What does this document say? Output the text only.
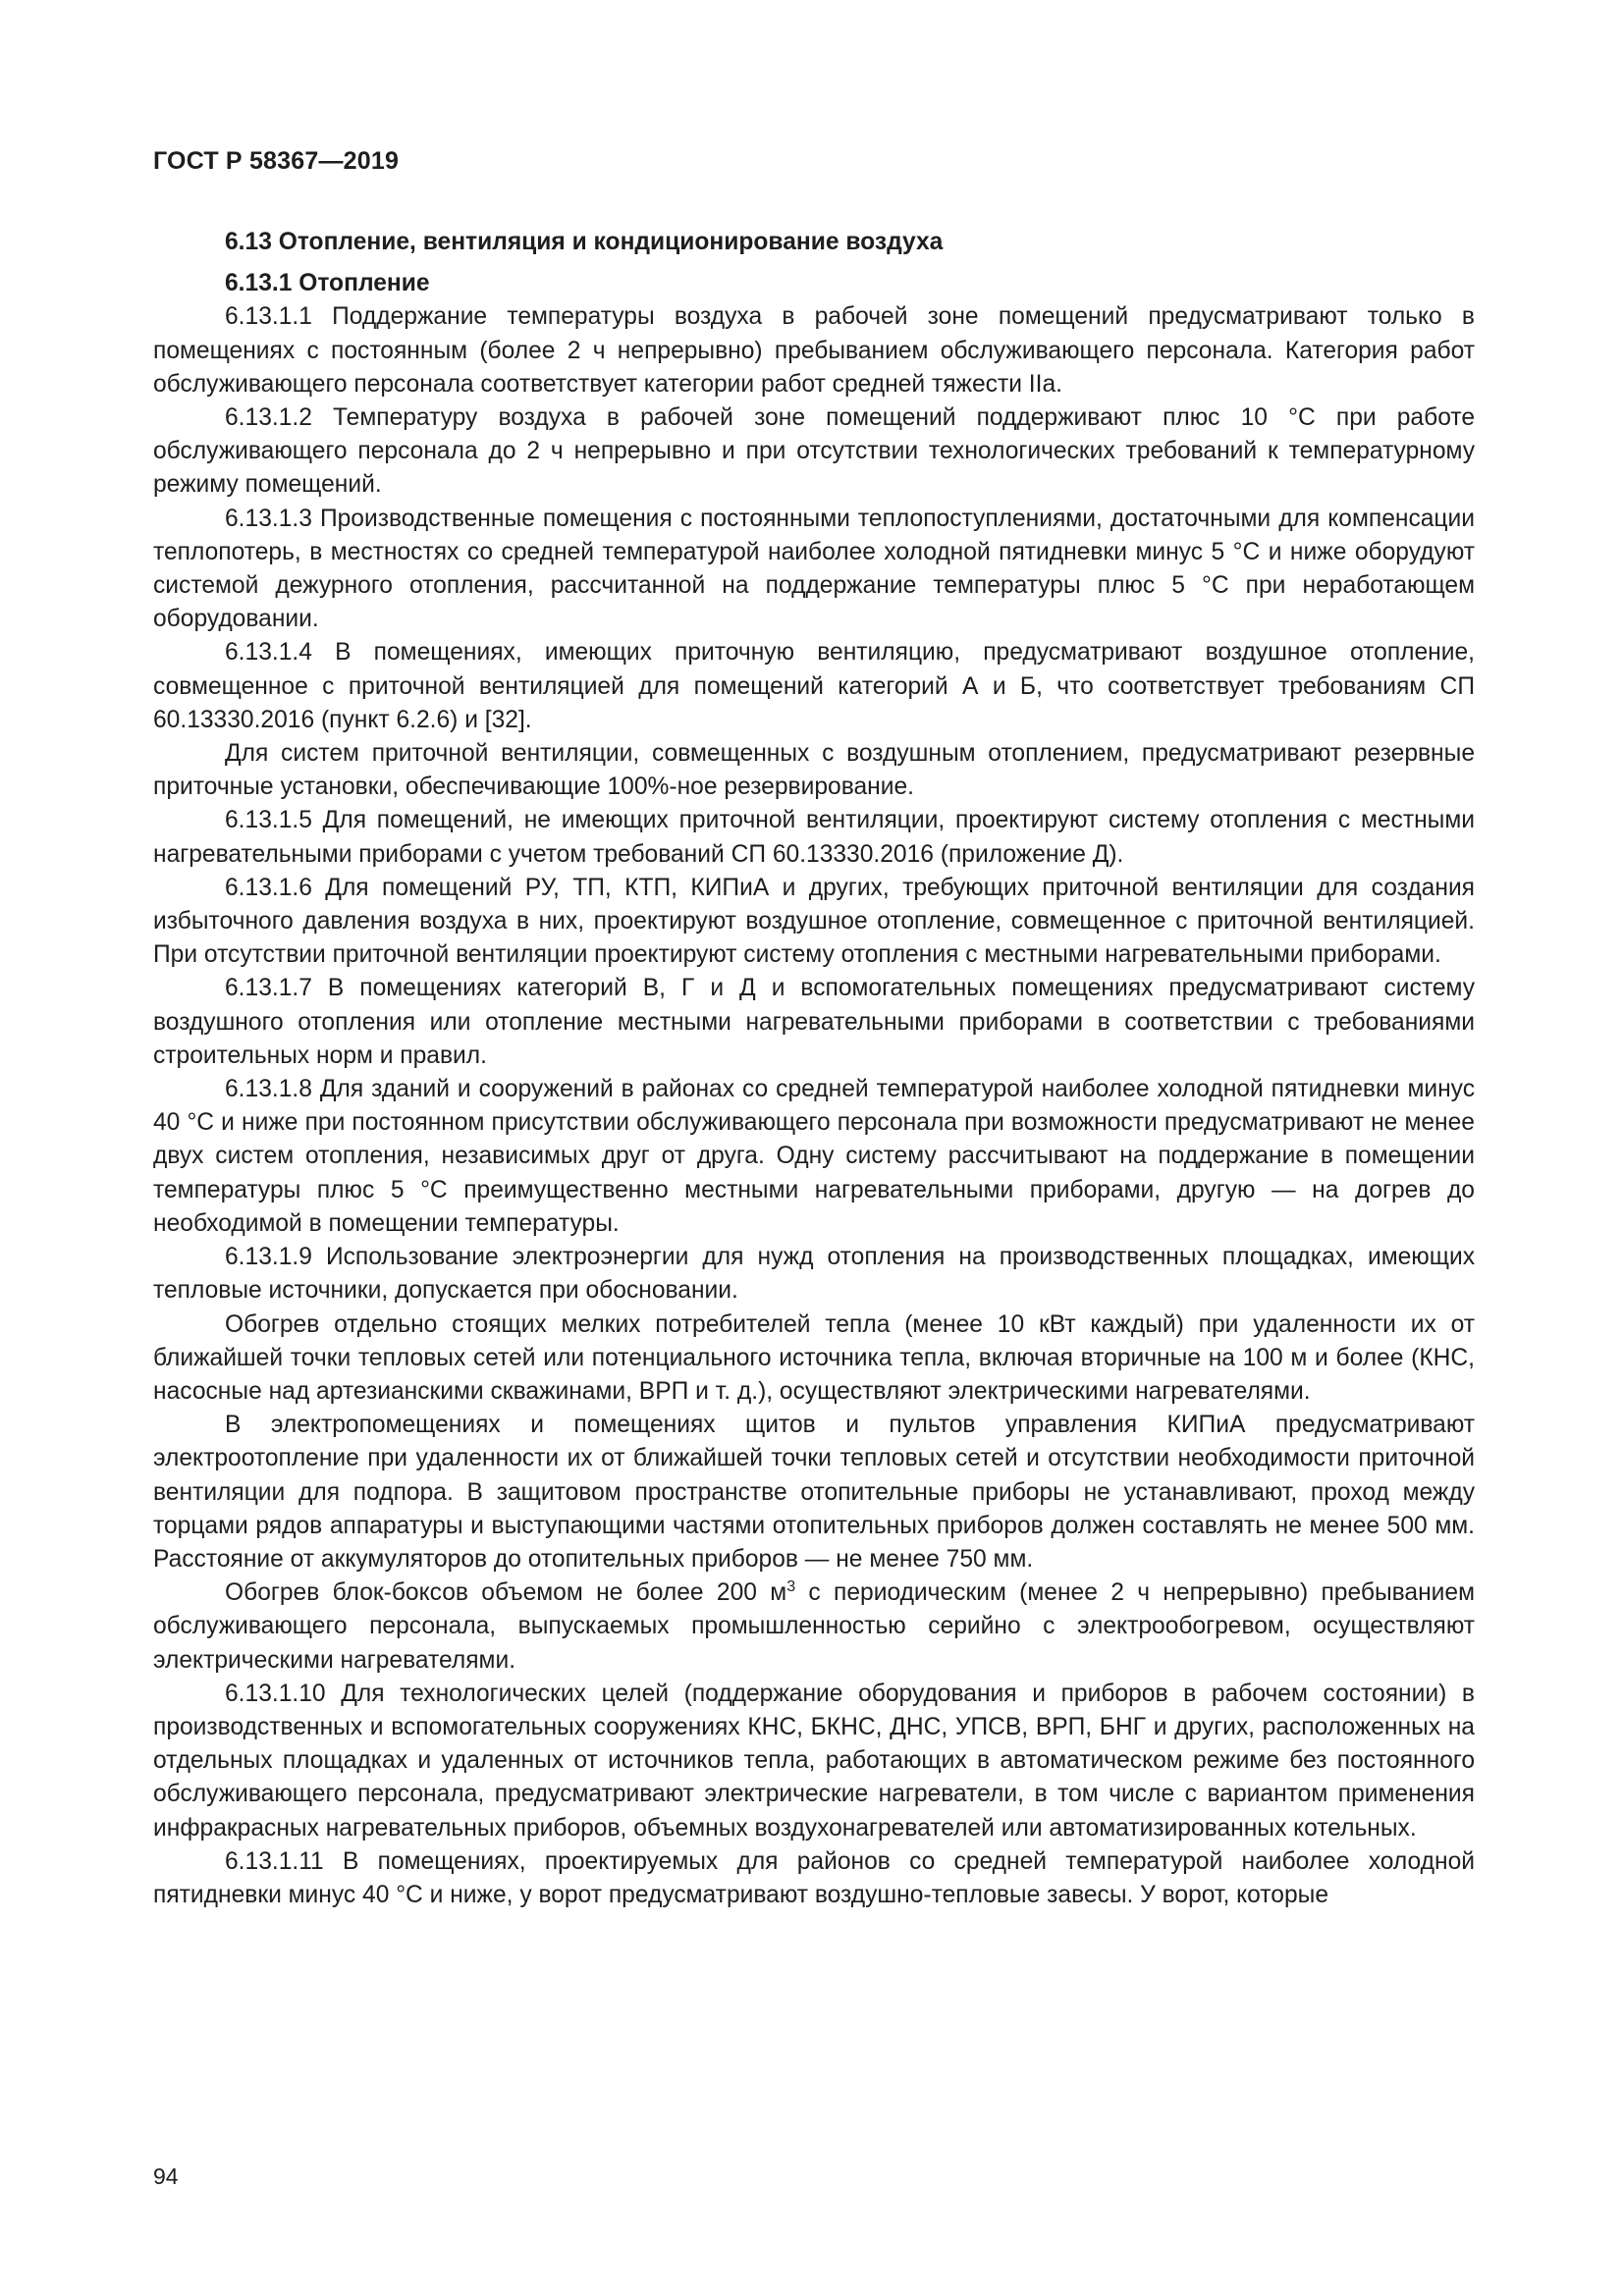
ГОСТ Р 58367—2019

6.13 Отопление, вентиляция и кондиционирование воздуха

6.13.1 Отопление

6.13.1.1 Поддержание температуры воздуха в рабочей зоне помещений предусматривают только в помещениях с постоянным (более 2 ч непрерывно) пребыванием обслуживающего персонала. Категория работ обслуживающего персонала соответствует категории работ средней тяжести IIa.

6.13.1.2 Температуру воздуха в рабочей зоне помещений поддерживают плюс 10 °С при работе обслуживающего персонала до 2 ч непрерывно и при отсутствии технологических требований к температурному режиму помещений.

6.13.1.3 Производственные помещения с постоянными теплопоступлениями, достаточными для компенсации теплопотерь, в местностях со средней температурой наиболее холодной пятидневки минус 5 °С и ниже оборудуют системой дежурного отопления, рассчитанной на поддержание температуры плюс 5 °С при неработающем оборудовании.

6.13.1.4 В помещениях, имеющих приточную вентиляцию, предусматривают воздушное отопление, совмещенное с приточной вентиляцией для помещений категорий А и Б, что соответствует требованиям СП 60.13330.2016 (пункт 6.2.6) и [32].

Для систем приточной вентиляции, совмещенных с воздушным отоплением, предусматривают резервные приточные установки, обеспечивающие 100%-ное резервирование.

6.13.1.5 Для помещений, не имеющих приточной вентиляции, проектируют систему отопления с местными нагревательными приборами с учетом требований СП 60.13330.2016 (приложение Д).

6.13.1.6 Для помещений РУ, ТП, КТП, КИПиА и других, требующих приточной вентиляции для создания избыточного давления воздуха в них, проектируют воздушное отопление, совмещенное с приточной вентиляцией. При отсутствии приточной вентиляции проектируют систему отопления с местными нагревательными приборами.

6.13.1.7 В помещениях категорий В, Г и Д и вспомогательных помещениях предусматривают систему воздушного отопления или отопление местными нагревательными приборами в соответствии с требованиями строительных норм и правил.

6.13.1.8 Для зданий и сооружений в районах со средней температурой наиболее холодной пятидневки минус 40 °С и ниже при постоянном присутствии обслуживающего персонала при возможности предусматривают не менее двух систем отопления, независимых друг от друга. Одну систему рассчитывают на поддержание в помещении температуры плюс 5 °С преимущественно местными нагревательными приборами, другую — на догрев до необходимой в помещении температуры.

6.13.1.9 Использование электроэнергии для нужд отопления на производственных площадках, имеющих тепловые источники, допускается при обосновании.

Обогрев отдельно стоящих мелких потребителей тепла (менее 10 кВт каждый) при удаленности их от ближайшей точки тепловых сетей или потенциального источника тепла, включая вторичные на 100 м и более (КНС, насосные над артезианскими скважинами, ВРП и т. д.), осуществляют электрическими нагревателями.

В электропомещениях и помещениях щитов и пультов управления КИПиА предусматривают электроотопление при удаленности их от ближайшей точки тепловых сетей и отсутствии необходимости приточной вентиляции для подпора. В защитовом пространстве отопительные приборы не устанавливают, проход между торцами рядов аппаратуры и выступающими частями отопительных приборов должен составлять не менее 500 мм. Расстояние от аккумуляторов до отопительных приборов — не менее 750 мм.

Обогрев блок-боксов объемом не более 200 $м^3$ с периодическим (менее 2 ч непрерывно) пребыванием обслуживающего персонала, выпускаемых промышленностью серийно с электрообогревом, осуществляют электрическими нагревателями.

6.13.1.10 Для технологических целей (поддержание оборудования и приборов в рабочем состоянии) в производственных и вспомогательных сооружениях КНС, БКНС, ДНС, УПСВ, ВРП, БНГ и других, расположенных на отдельных площадках и удаленных от источников тепла, работающих в автоматическом режиме без постоянного обслуживающего персонала, предусматривают электрические нагреватели, в том числе с вариантом применения инфракрасных нагревательных приборов, объемных воздухонагревателей или автоматизированных котельных.

6.13.1.11 В помещениях, проектируемых для районов со средней температурой наиболее холодной пятидневки минус 40 °С и ниже, у ворот предусматривают воздушно-тепловые завесы. У ворот, которые

94
